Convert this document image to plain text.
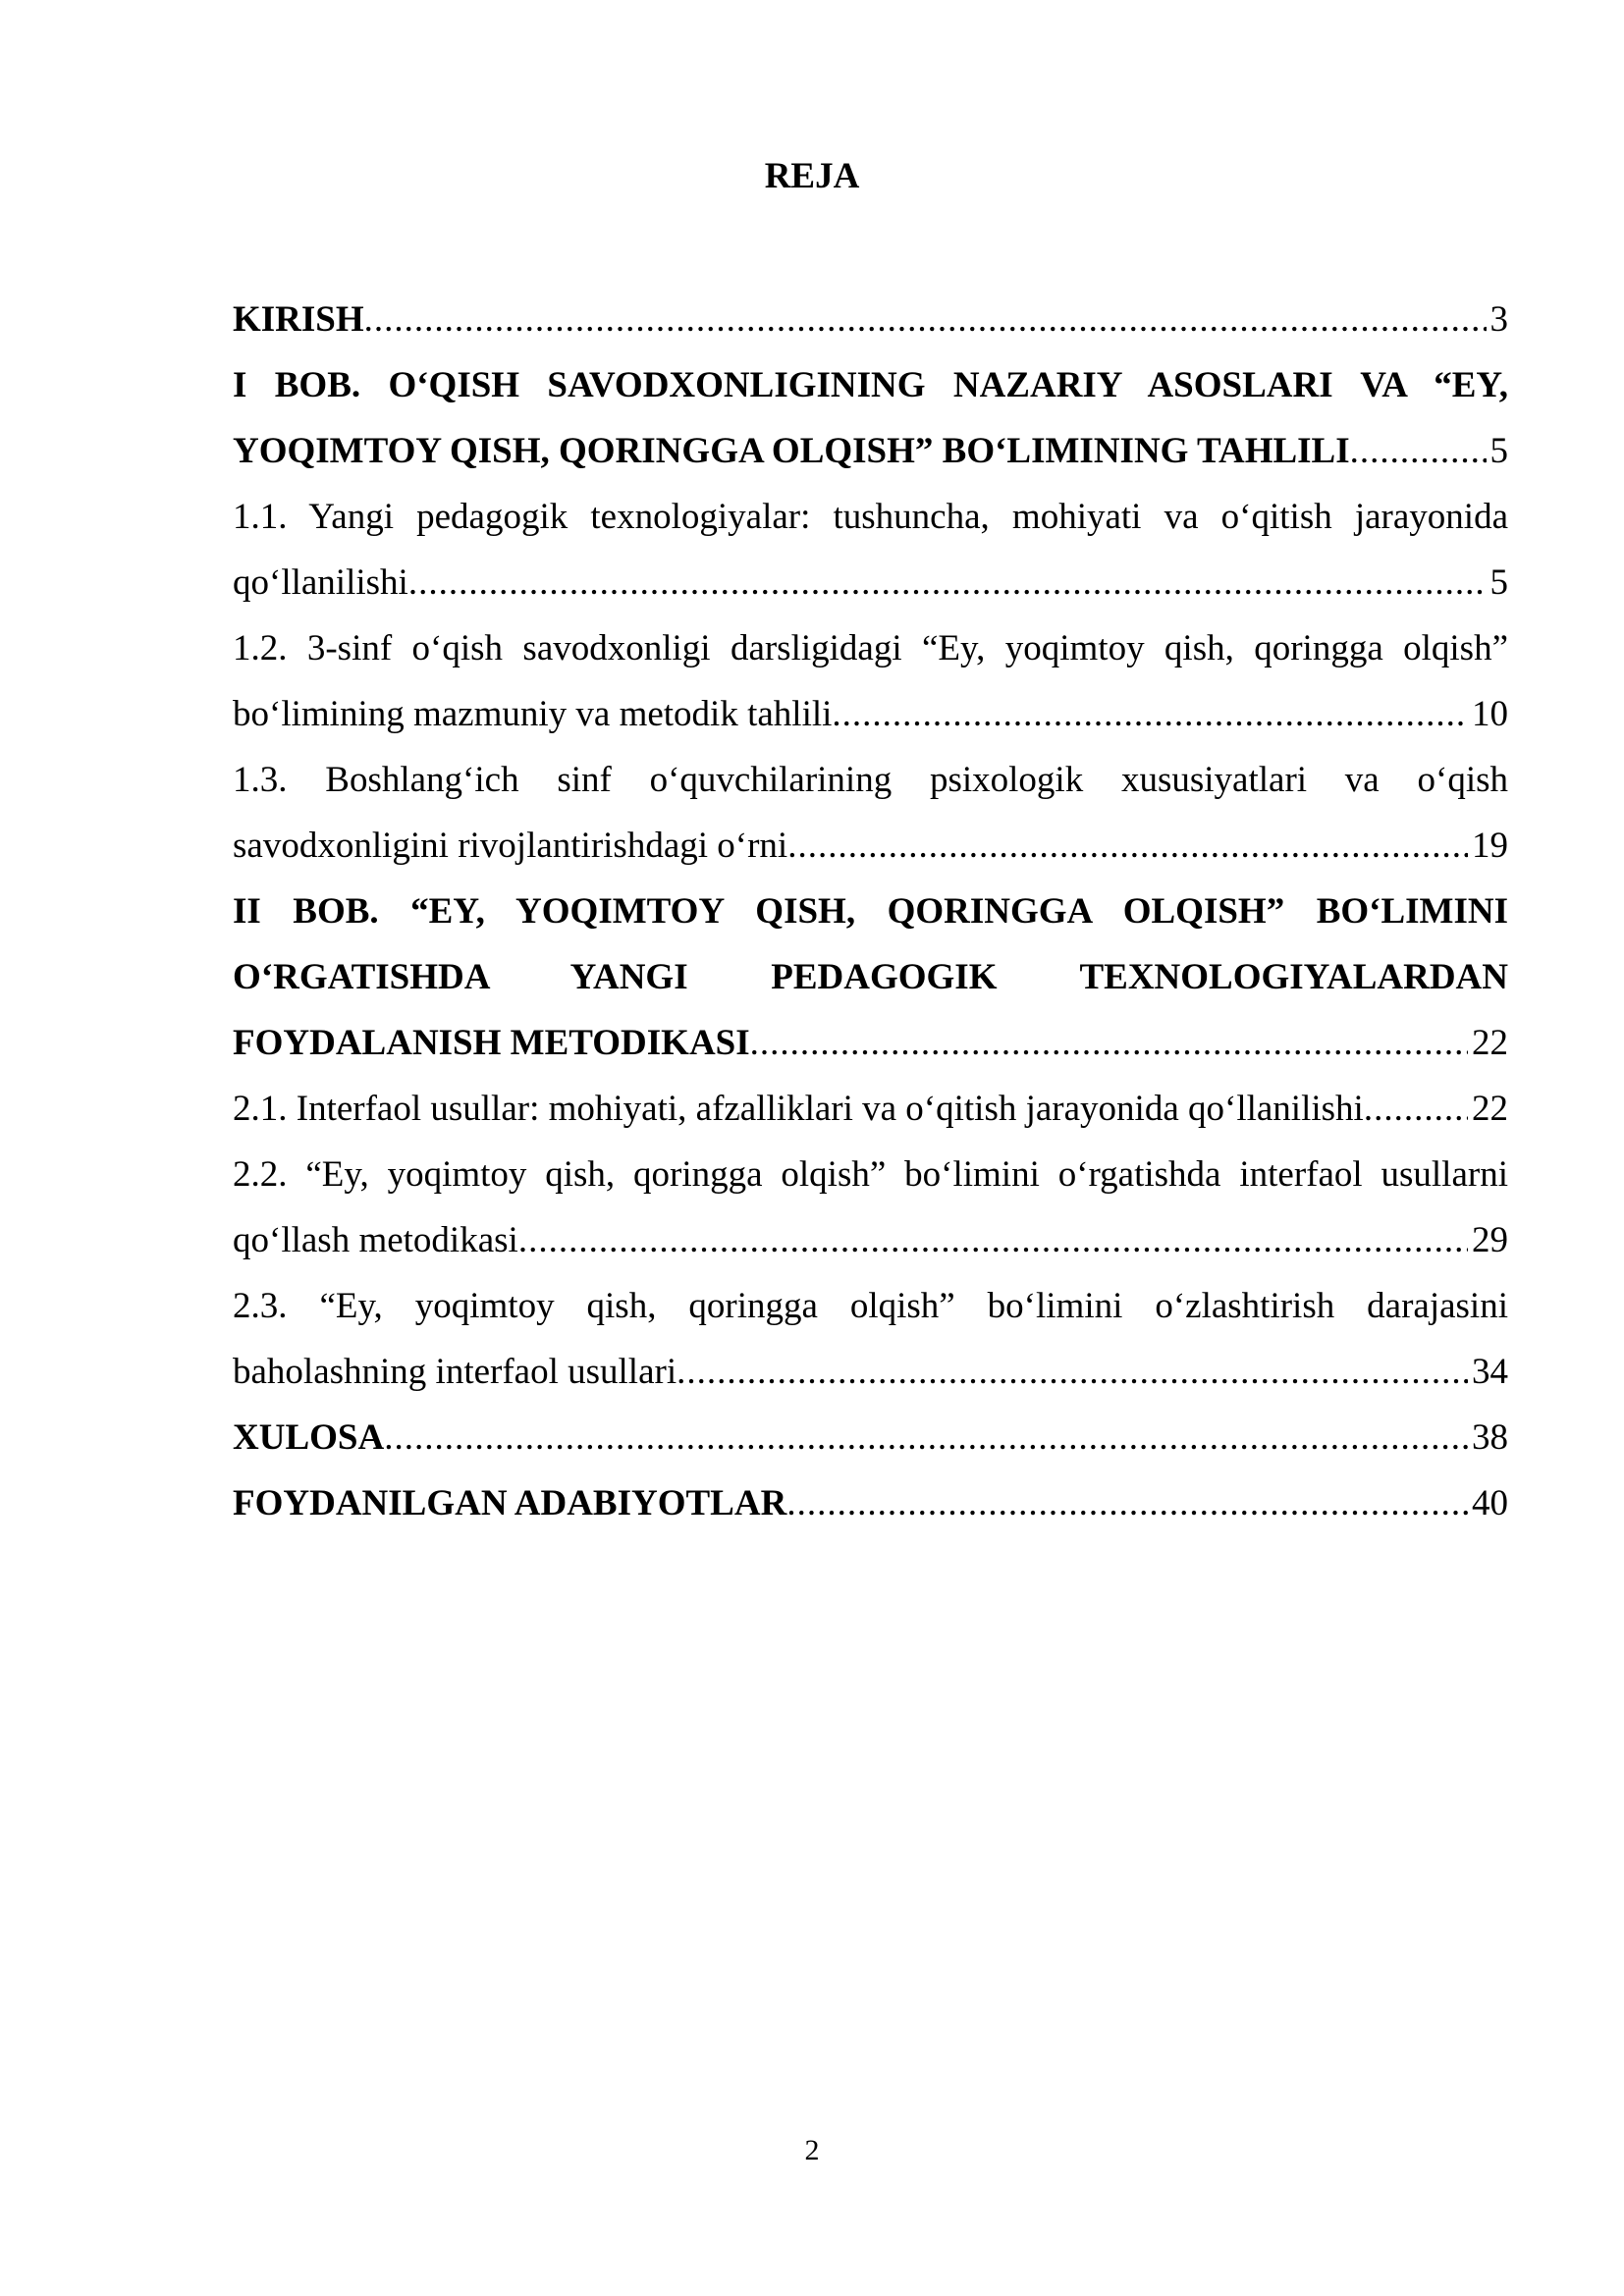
REJA
KIRISH .....	3
I BOB. O‘QISH SAVODXONLIGINING NAZARIY ASOSLARI VA “EY,
YOQIMTOY QISH, QORINGGA OLQISH” BO‘LIMINING TAHLILI .....	5
1.1. Yangi pedagogik texnologiyalar: tushuncha, mohiyati va o‘qitish jarayonida
qo‘llanilishi .....	5
1.2. 3-sinf o‘qish savodxonligi darsligidagi “Ey, yoqimtoy qish, qoringga olqish”
bo‘limining mazmuniy va metodik tahlili .....	10
1.3. Boshlang‘ich sinf o‘quvchilarining psixologik xususiyatlari va o‘qish
savodxonligini rivojlantirishdagi o‘rni .....	19
II BOB. “EY, YOQIMTOY QISH, QORINGGA OLQISH” BO‘LIMINI
O‘RGATISHDA YANGI PEDAGOGIK TEXNOLOGIYALARDAN
FOYDALANISH METODIKASI .....	22
2.1. Interfaol usullar: mohiyati, afzalliklari va o‘qitish jarayonida qo‘llanilishi .....	22
2.2. “Ey, yoqimtoy qish, qoringga olqish” bo‘limini o‘rgatishda interfaol usullarni
qo‘llash metodikasi .....	29
2.3. “Ey, yoqimtoy qish, qoringga olqish” bo‘limini o‘zlashtirish darajasini
baholashning interfaol usullari .....	34
XULOSA .....	38
FOYDANILGAN ADABIYOTLAR .....	40
2
